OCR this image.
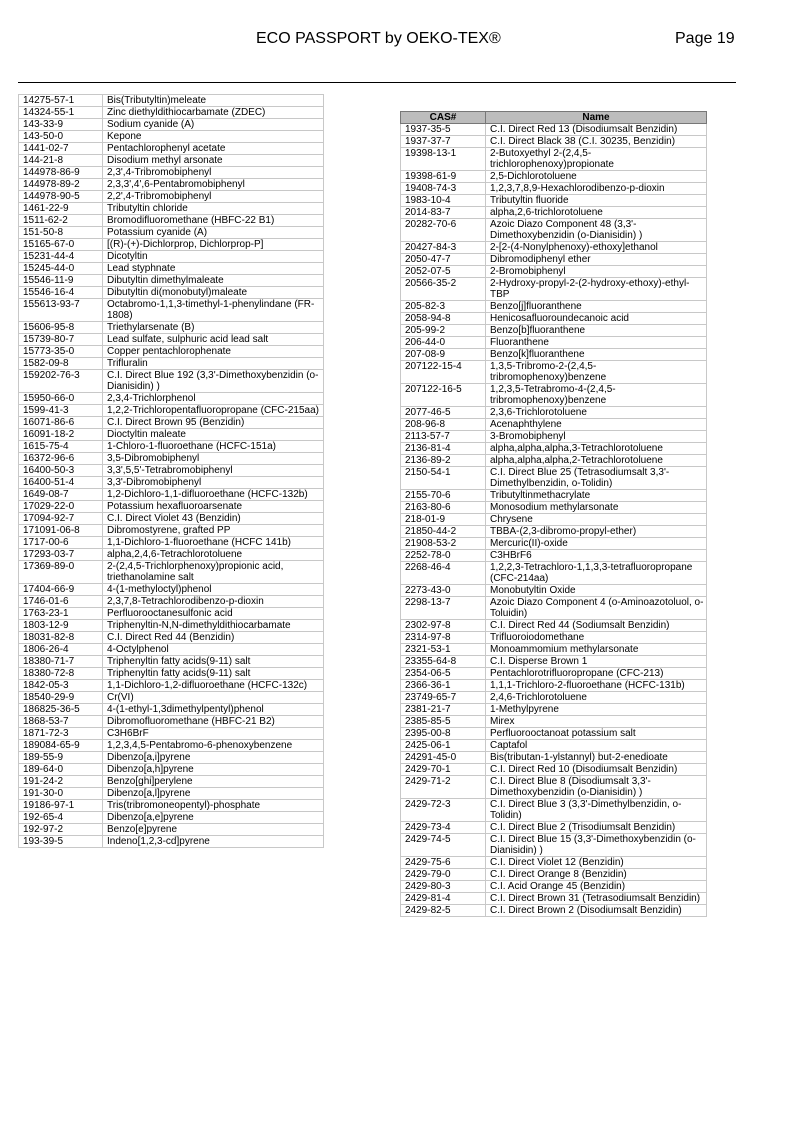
ECO PASSPORT by OEKO-TEX®	Page 19
14275-57-1	Bis(Tributyltin)meleate
14324-55-1	Zinc diethyldithiocarbamate (ZDEC)
143-33-9	Sodium cyanide (A)
143-50-0	Kepone
1441-02-7	Pentachlorophenyl acetate
144-21-8	Disodium methyl arsonate
144978-86-9	2,3',4-Tribromobiphenyl
144978-89-2	2,3,3',4',6-Pentabromobiphenyl
144978-90-5	2,2',4-Tribromobiphenyl
1461-22-9	Tributyltin chloride
1511-62-2	Bromodifluoromethane (HBFC-22 B1)
151-50-8	Potassium cyanide (A)
15165-67-0	[(R)-(+)-Dichlorprop, Dichlorprop-P]
15231-44-4	Dicotyltin
15245-44-0	Lead styphnate
15546-11-9	Dibutyltin dimethylmaleate
15546-16-4	Dibutyltin di(monobutyl)maleate
155613-93-7	Octabromo-1,1,3-timethyl-1-phenylindane (FR-1808)
15606-95-8	Triethylarsenate (B)
15739-80-7	Lead sulfate, sulphuric acid lead salt
15773-35-0	Copper pentachlorophenate
1582-09-8	Trifluralin
159202-76-3	C.I. Direct Blue 192 (3,3'-Dimethoxybenzidin (o-Dianisidin) )
15950-66-0	2,3,4-Trichlorphenol
1599-41-3	1,2,2-Trichloropentafluoropropane (CFC-215aa)
16071-86-6	C.I. Direct Brown 95 (Benzidin)
16091-18-2	Dioctyltin maleate
1615-75-4	1-Chloro-1-fluoroethane (HCFC-151a)
16372-96-6	3,5-Dibromobiphenyl
16400-50-3	3,3',5,5'-Tetrabromobiphenyl
16400-51-4	3,3'-Dibromobiphenyl
1649-08-7	1,2-Dichloro-1,1-difluoroethane (HCFC-132b)
17029-22-0	Potassium hexafluoroarsenate
17094-92-7	C.I. Direct Violet 43 (Benzidin)
171091-06-8	Dibromostyrene, grafted PP
1717-00-6	1,1-Dichloro-1-fluoroethane (HCFC 141b)
17293-03-7	alpha,2,4,6-Tetrachlorotoluene
17369-89-0	2-(2,4,5-Trichlorphenoxy)propionic acid, triethanolamine salt
17404-66-9	4-(1-methyloctyl)phenol
1746-01-6	2,3,7,8-Tetrachlorodibenzo-p-dioxin
1763-23-1	Perfluorooctanesulfonic acid
1803-12-9	Triphenyltin-N,N-dimethyldithiocarbamate
18031-82-8	C.I. Direct Red 44 (Benzidin)
1806-26-4	4-Octylphenol
18380-71-7	Triphenyltin fatty acids(9-11) salt
18380-72-8	Triphenyltin fatty acids(9-11) salt
1842-05-3	1,1-Dichloro-1,2-difluoroethane (HCFC-132c)
18540-29-9	Cr(VI)
186825-36-5	4-(1-ethyl-1,3dimethylpentyl)phenol
1868-53-7	Dibromofluoromethane (HBFC-21 B2)
1871-72-3	C3H6BrF
189084-65-9	1,2,3,4,5-Pentabromo-6-phenoxybenzene
189-55-9	Dibenzo[a,i]pyrene
189-64-0	Dibenzo[a,h]pyrene
191-24-2	Benzo[ghi]perylene
191-30-0	Dibenzo[a,l]pyrene
19186-97-1	Tris(tribromoneopentyl)-phosphate
192-65-4	Dibenzo[a,e]pyrene
192-97-2	Benzo[e]pyrene
193-39-5	Indeno[1,2,3-cd]pyrene
CAS#	Name
1937-35-5	C.I. Direct Red 13 (Disodiumsalt Benzidin)
1937-37-7	C.I. Direct Black 38 (C.I. 30235, Benzidin)
19398-13-1	2-Butoxyethyl 2-(2,4,5-trichlorophenoxy)propionate
19398-61-9	2,5-Dichlorotoluene
19408-74-3	1,2,3,7,8,9-Hexachlorodibenzo-p-dioxin
1983-10-4	Tributyltin fluoride
2014-83-7	alpha,2,6-trichlorotoluene
20282-70-6	Azoic Diazo Component 48 (3,3'-Dimethoxybenzidin (o-Dianisidin) )
20427-84-3	2-[2-(4-Nonylphenoxy)-ethoxy]ethanol
2050-47-7	Dibromodiphenyl ether
2052-07-5	2-Bromobiphenyl
20566-35-2	2-Hydroxy-propyl-2-(2-hydroxy-ethoxy)-ethyl-TBP
205-82-3	Benzo[j]fluoranthene
2058-94-8	Henicosafluoroundecanoic acid
205-99-2	Benzo[b]fluoranthene
206-44-0	Fluoranthene
207-08-9	Benzo[k]fluoranthene
207122-15-4	1,3,5-Tribromo-2-(2,4,5-tribromophenoxy)benzene
207122-16-5	1,2,3,5-Tetrabromo-4-(2,4,5-tribromophenoxy)benzene
2077-46-5	2,3,6-Trichlorotoluene
208-96-8	Acenaphthylene
2113-57-7	3-Bromobiphenyl
2136-81-4	alpha,alpha,alpha,3-Tetrachlorotoluene
2136-89-2	alpha,alpha,alpha,2-Tetrachlorotoluene
2150-54-1	C.I. Direct Blue 25 (Tetrasodiumsalt 3,3'-Dimethylbenzidin, o-Tolidin)
2155-70-6	Tributyltinmethacrylate
2163-80-6	Monosodium methylarsonate
218-01-9	Chrysene
21850-44-2	TBBA-(2,3-dibromo-propyl-ether)
21908-53-2	Mercuric(II)-oxide
2252-78-0	C3HBrF6
2268-46-4	1,2,2,3-Tetrachloro-1,1,3,3-tetrafluoropropane (CFC-214aa)
2273-43-0	Monobutyltin Oxide
2298-13-7	Azoic Diazo Component 4 (o-Aminoazotoluol, o-Toluidin)
2302-97-8	C.I. Direct Red 44 (Sodiumsalt Benzidin)
2314-97-8	Trifluoroiodomethane
2321-53-1	Monoammomium methylarsonate
23355-64-8	C.I. Disperse Brown 1
2354-06-5	Pentachlorotrifluoropropane (CFC-213)
2366-36-1	1,1,1-Trichloro-2-fluoroethane (HCFC-131b)
23749-65-7	2,4,6-Trichlorotoluene
2381-21-7	1-Methylpyrene
2385-85-5	Mirex
2395-00-8	Perfluorooctanoat potassium salt
2425-06-1	Captafol
24291-45-0	Bis(tributan-1-ylstannyl) but-2-enedioate
2429-70-1	C.I. Direct Red 10 (Disodiumsalt Benzidin)
2429-71-2	C.I. Direct Blue 8 (Disodiumsalt 3,3'-Dimethoxybenzidin (o-Dianisidin) )
2429-72-3	C.I. Direct Blue 3 (3,3'-Dimethylbenzidin, o-Tolidin)
2429-73-4	C.I. Direct Blue 2 (Trisodiumsalt Benzidin)
2429-74-5	C.I. Direct Blue 15 (3,3'-Dimethoxybenzidin (o-Dianisidin) )
2429-75-6	C.I. Direct Violet 12 (Benzidin)
2429-79-0	C.I. Direct Orange 8 (Benzidin)
2429-80-3	C.I. Acid Orange 45 (Benzidin)
2429-81-4	C.I. Direct Brown 31 (Tetrasodiumsalt Benzidin)
2429-82-5	C.I. Direct Brown 2 (Disodiumsalt Benzidin)
